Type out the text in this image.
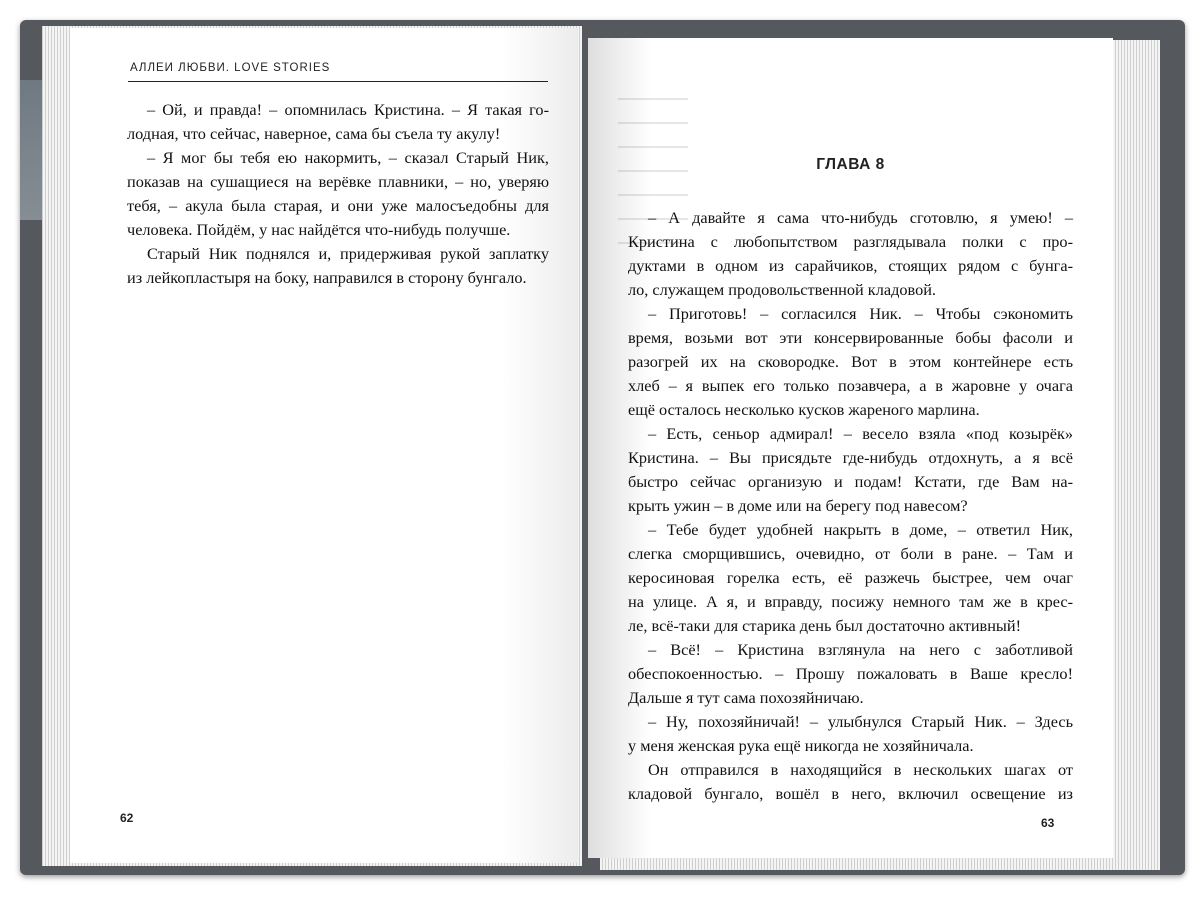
АЛЛЕИ ЛЮБВИ. LOVE STORIES

– Ой, и правда! – опомнилась Кристина. – Я такая го-
лодная, что сейчас, наверное, сама бы съела ту акулу!

– Я мог бы тебя ею накормить, – сказал Старый Ник,
показав на сушащиеся на верёвке плавники, – но, уверяю
тебя, – акула была старая, и они уже малосъедобны для
человека. Пойдём, у нас найдётся что-нибудь получше.

Старый Ник поднялся и, придерживая рукой заплатку
из лейкопластыря на боку, направился в сторону бунгало.

62
ГЛАВА 8

– А давайте я сама что-нибудь сготовлю, я умею! –
Кристина с любопытством разглядывала полки с про-
дуктами в одном из сарайчиков, стоящих рядом с бунга-
ло, служащем продовольственной кладовой.

– Приготовь! – согласился Ник. – Чтобы сэкономить
время, возьми вот эти консервированные бобы фасоли и
разогрей их на сковородке. Вот в этом контейнере есть
хлеб – я выпек его только позавчера, а в жаровне у очага
ещё осталось несколько кусков жареного марлина.

– Есть, сеньор адмирал! – весело взяла «под козырёк»
Кристина. – Вы присядьте где-нибудь отдохнуть, а я всё
быстро сейчас организую и подам! Кстати, где Вам на-
крыть ужин – в доме или на берегу под навесом?

– Тебе будет удобней накрыть в доме, – ответил Ник,
слегка сморщившись, очевидно, от боли в ране. – Там и
керосиновая горелка есть, её разжечь быстрее, чем очаг
на улице. А я, и вправду, посижу немного там же в крес-
ле, всё-таки для старика день был достаточно активный!

– Всё! – Кристина взглянула на него с заботливой
обеспокоенностью. – Прошу пожаловать в Ваше кресло!
Дальше я тут сама похозяйничаю.

– Ну, похозяйничай! – улыбнулся Старый Ник. – Здесь
у меня женская рука ещё никогда не хозяйничала.

Он отправился в находящийся в нескольких шагах от
кладовой бунгало, вошёл в него, включил освещение из

63
